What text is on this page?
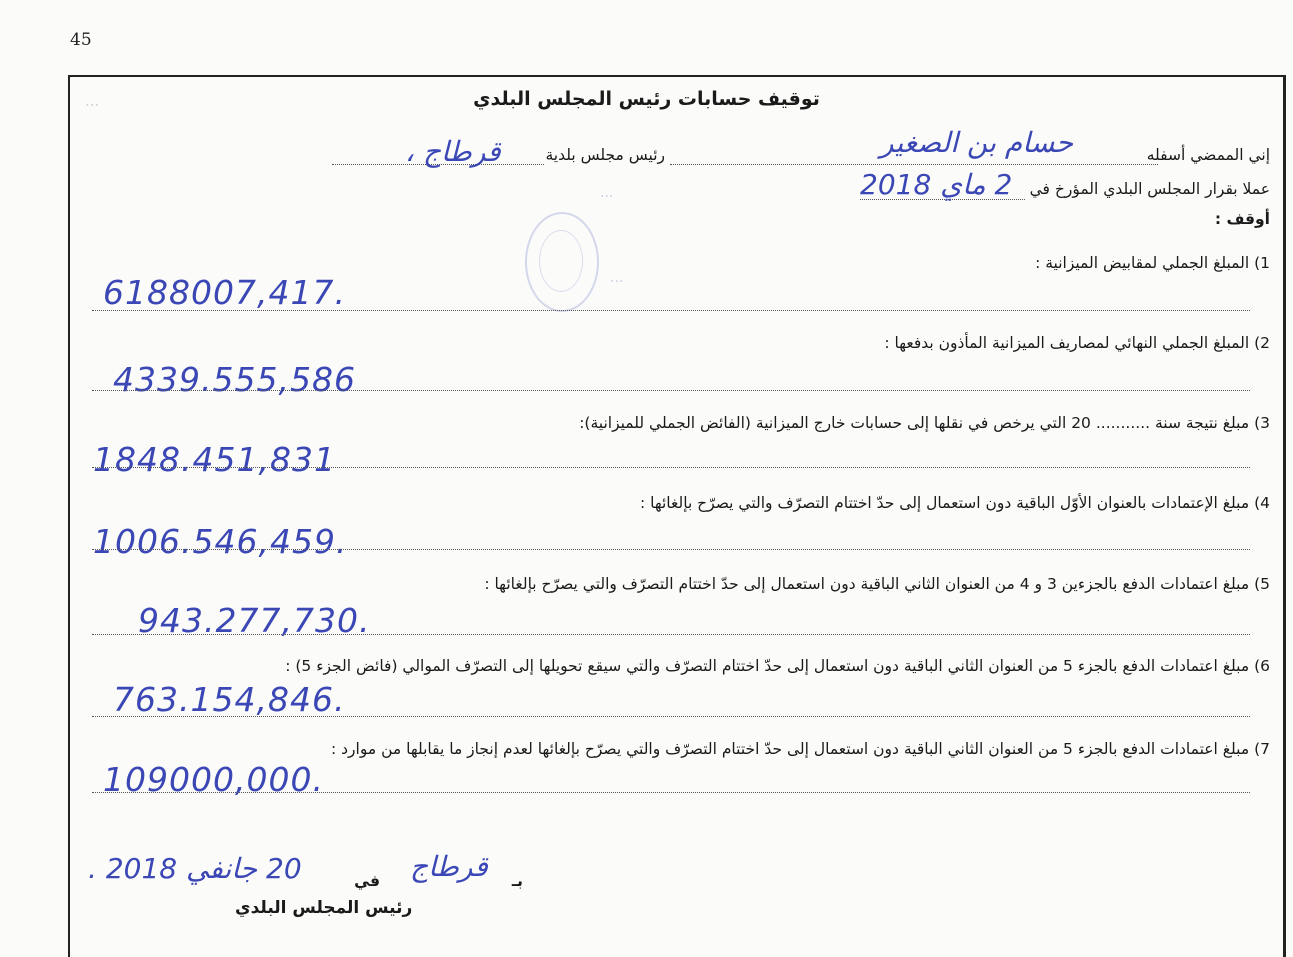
45
...	توقيف حسابات رئيس المجلس البلدي
...
...
إني الممضي أسفله
حسام بن الصغير
رئيس مجلس بلدية
قرطاج ،
عملا بقرار المجلس البلدي المؤرخ في
2 ماي 2018
أوقف :
1) المبلغ الجملي لمقابيض الميزانية :
6188007,417.
2) المبلغ الجملي النهائي لمصاريف الميزانية المأذون بدفعها :
4339.555,586
3) مبلغ نتيجة سنة ........... 20 التي يرخص في نقلها إلى حسابات خارج الميزانية (الفائض الجملي للميزانية):
1848.451,831
4) مبلغ الإعتمادات بالعنوان الأوّل الباقية دون استعمال إلى حدّ اختتام التصرّف والتي يصرّح بإلغائها :
1006.546,459.
5) مبلغ اعتمادات الدفع بالجزءين 3 و 4 من العنوان الثاني الباقية دون استعمال إلى حدّ اختتام التصرّف والتي يصرّح بإلغائها :
943.277,730.
6) مبلغ اعتمادات الدفع بالجزء 5 من العنوان الثاني الباقية دون استعمال إلى حدّ اختتام التصرّف والتي سيقع تحويلها إلى التصرّف الموالي (فائض الجزء 5) :
763.154,846.
7) مبلغ اعتمادات الدفع بالجزء 5 من العنوان الثاني الباقية دون استعمال إلى حدّ اختتام التصرّف والتي يصرّح بإلغائها لعدم إنجاز ما يقابلها من موارد :
109000,000.
بـ
قرطاج
في
20 جانفي 2018 .
رئيس المجلس البلدي
